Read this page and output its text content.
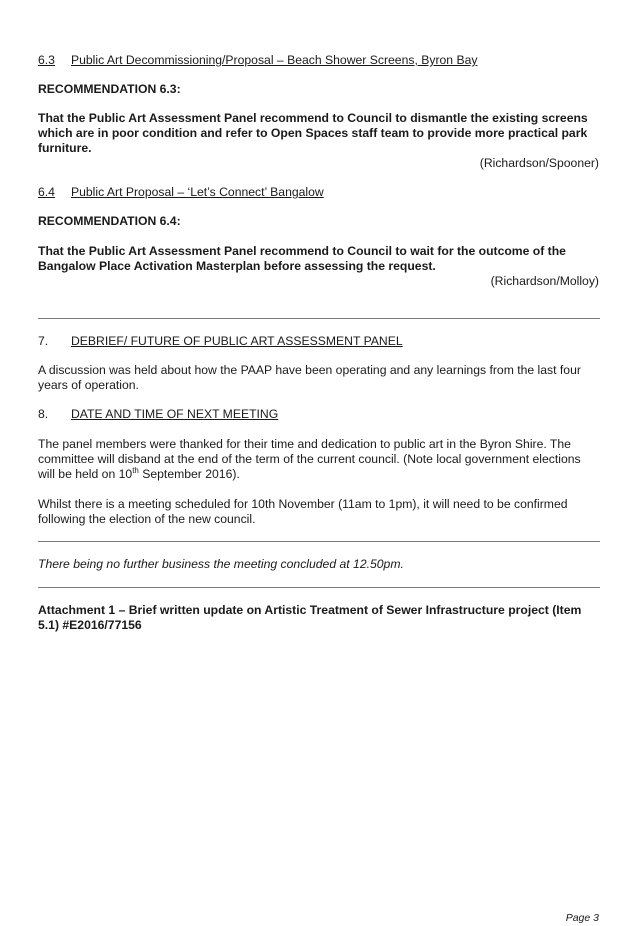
6.3 Public Art Decommissioning/Proposal – Beach Shower Screens, Byron Bay
RECOMMENDATION 6.3:
That the Public Art Assessment Panel recommend to Council to dismantle the existing screens which are in poor condition and refer to Open Spaces staff team to provide more practical park furniture.
(Richardson/Spooner)
6.4 Public Art Proposal – ‘Let’s Connect’ Bangalow
RECOMMENDATION 6.4:
That the Public Art Assessment Panel recommend to Council to wait for the outcome of the Bangalow Place Activation Masterplan before assessing the request.
(Richardson/Molloy)
7. DEBRIEF/ FUTURE OF PUBLIC ART ASSESSMENT PANEL
A discussion was held about how the PAAP have been operating and any learnings from the last four years of operation.
8. DATE AND TIME OF NEXT MEETING
The panel members were thanked for their time and dedication to public art in the Byron Shire. The committee will disband at the end of the term of the current council. (Note local government elections will be held on 10th September 2016).
Whilst there is a meeting scheduled for 10th November (11am to 1pm), it will need to be confirmed following the election of the new council.
There being no further business the meeting concluded at 12.50pm.
Attachment 1 – Brief written update on Artistic Treatment of Sewer Infrastructure project (Item 5.1) #E2016/77156
Page 3
